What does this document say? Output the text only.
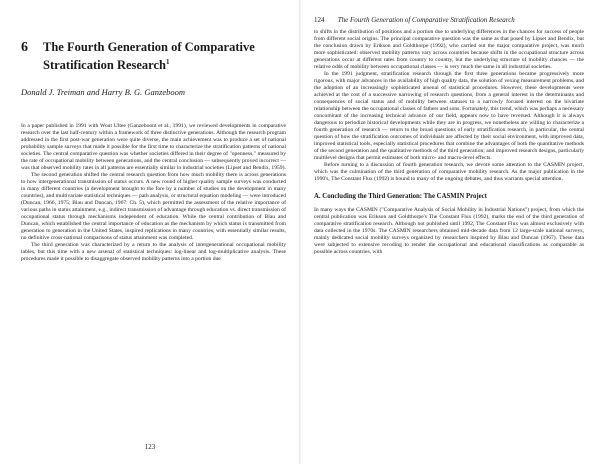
6	The Fourth Generation of Comparative Stratification Research$^1$
Donald J. Treiman and Harry B. G. Ganzeboom

In a paper published in 1991 with Wout Ultee (Ganzeboom et al., 1991), we reviewed developments in comparative research over the last half-century within a framework of three distinctive generations. Although the research program addressed in the first post-war generation were quite diverse, the main achievement was to produce a set of national probability sample surveys that made it possible for the first time to characterize the stratification patterns of national societies. The central comparative question was whether societies differed in their degree of "openness," measured by the rate of occupational mobility between generations, and the central conclusion — subsequently proved incorrect — was that observed mobility rates in all patterns are essentially similar in industrial societies (Lipset and Bendix, 1959).

The second generation shifted the central research question from how much mobility there is across generations to how intergenerational transmission of status occurs. A new round of higher quality sample surveys was conducted in many different countries (a development brought to the fore by a number of studies on the development in many countries), and multivariate statistical techniques — path analysis, or structural equation modeling — were introduced (Duncan, 1966, 1975; Blau and Duncan, 1967: Ch. 5), which permitted the assessment of the relative importance of various paths in status attainment, e.g., indirect transmission of advantage through education vs. direct transmission of occupational status through mechanisms independent of education. While the central contribution of Blau and Duncan, which established the central importance of education as the mechanism by which status is transmitted from generation to generation in the United States, inspired replications in many countries, with essentially similar results, no definitive cross-national comparisons of status attainment was completed.

The third generation was characterized by a return to the analysis of intergenerational occupational mobility tables, but this time with a new arsenal of statistical techniques: log-linear and log-multiplicative analysis. These procedures made it possible to disaggregate observed mobility patterns into a portion due

123
124 The Fourth Generation of Comparative Stratification Research

to shifts in the distribution of positions and a portion due to underlying differences in the chances for success of people from different social origins. The principal comparative question was the same as that posed by Lipset and Bendix, but the conclusion drawn by Erikson and Goldthorpe (1992), who carried out the major comparative project, was much more sophisticated: observed mobility patterns vary across countries because shifts in the occupational structure across generations occur at different rates from country to country, but the underlying structure of mobility chances — the relative odds of mobility between occupational classes — is very much the same in all industrial societies.

In the 1991 judgment, stratification research through the first three generations became progressively more rigorous, with major advances in the availability of high quality data, the solution of vexing measurement problems, and the adoption of an increasingly sophisticated arsenal of statistical procedures. However, these developments were achieved at the cost of a successive narrowing of research questions, from a general interest in the determinants and consequences of social status and of mobility between statuses to a narrowly focused interest on the bivariate relationship between the occupational classes of fathers and sons. Fortunately, this trend, which was perhaps a necessary concomitant of the increasing technical advance of our field, appears now to have reversed. Although it is always dangerous to periodize historical developments while they are in progress, we nonetheless are willing to characterize a fourth generation of research — return to the broad questions of early stratification research, in particular, the central question of how the stratification outcomes of individuals are affected by their social environment, with improved data, improved statistical tools, especially statistical procedures that combine the advantages of both the quantitative methods of the second generation and the qualitative methods of the third generation; and improved research designs, particularly multilevel designs that permit estimates of both micro- and macro-level effects.

Before turning to a discussion of fourth generation research, we devote some attention to the CASMIN project, which was the culmination of the third generation of comparative mobility research. As the major publication in the 1990's, The Constant Flux (1992) is bound to many of the ongoing debates, and thus warrants special attention.

A. Concluding the Third Generation: The CASMIN Project

In many ways the CASMIN ("Comparative Analysis of Social Mobility in Industrial Nations") project, from which the central publication was Erikson and Goldthorpe's The Constant Flux (1992), marks the end of the third generation of comparative stratification research. Although not published until 1992, The Constant Flux was almost exclusively with data collected in the 1970s. The CASMIN researchers obtained mid-decade data from 12 large-scale national surveys, mainly dedicated social mobility surveys organized by researchers inspired by Blau and Duncan (1967). These data were subjected to extensive recoding to render the occupational and educational classifications as comparable as possible across countries, with
